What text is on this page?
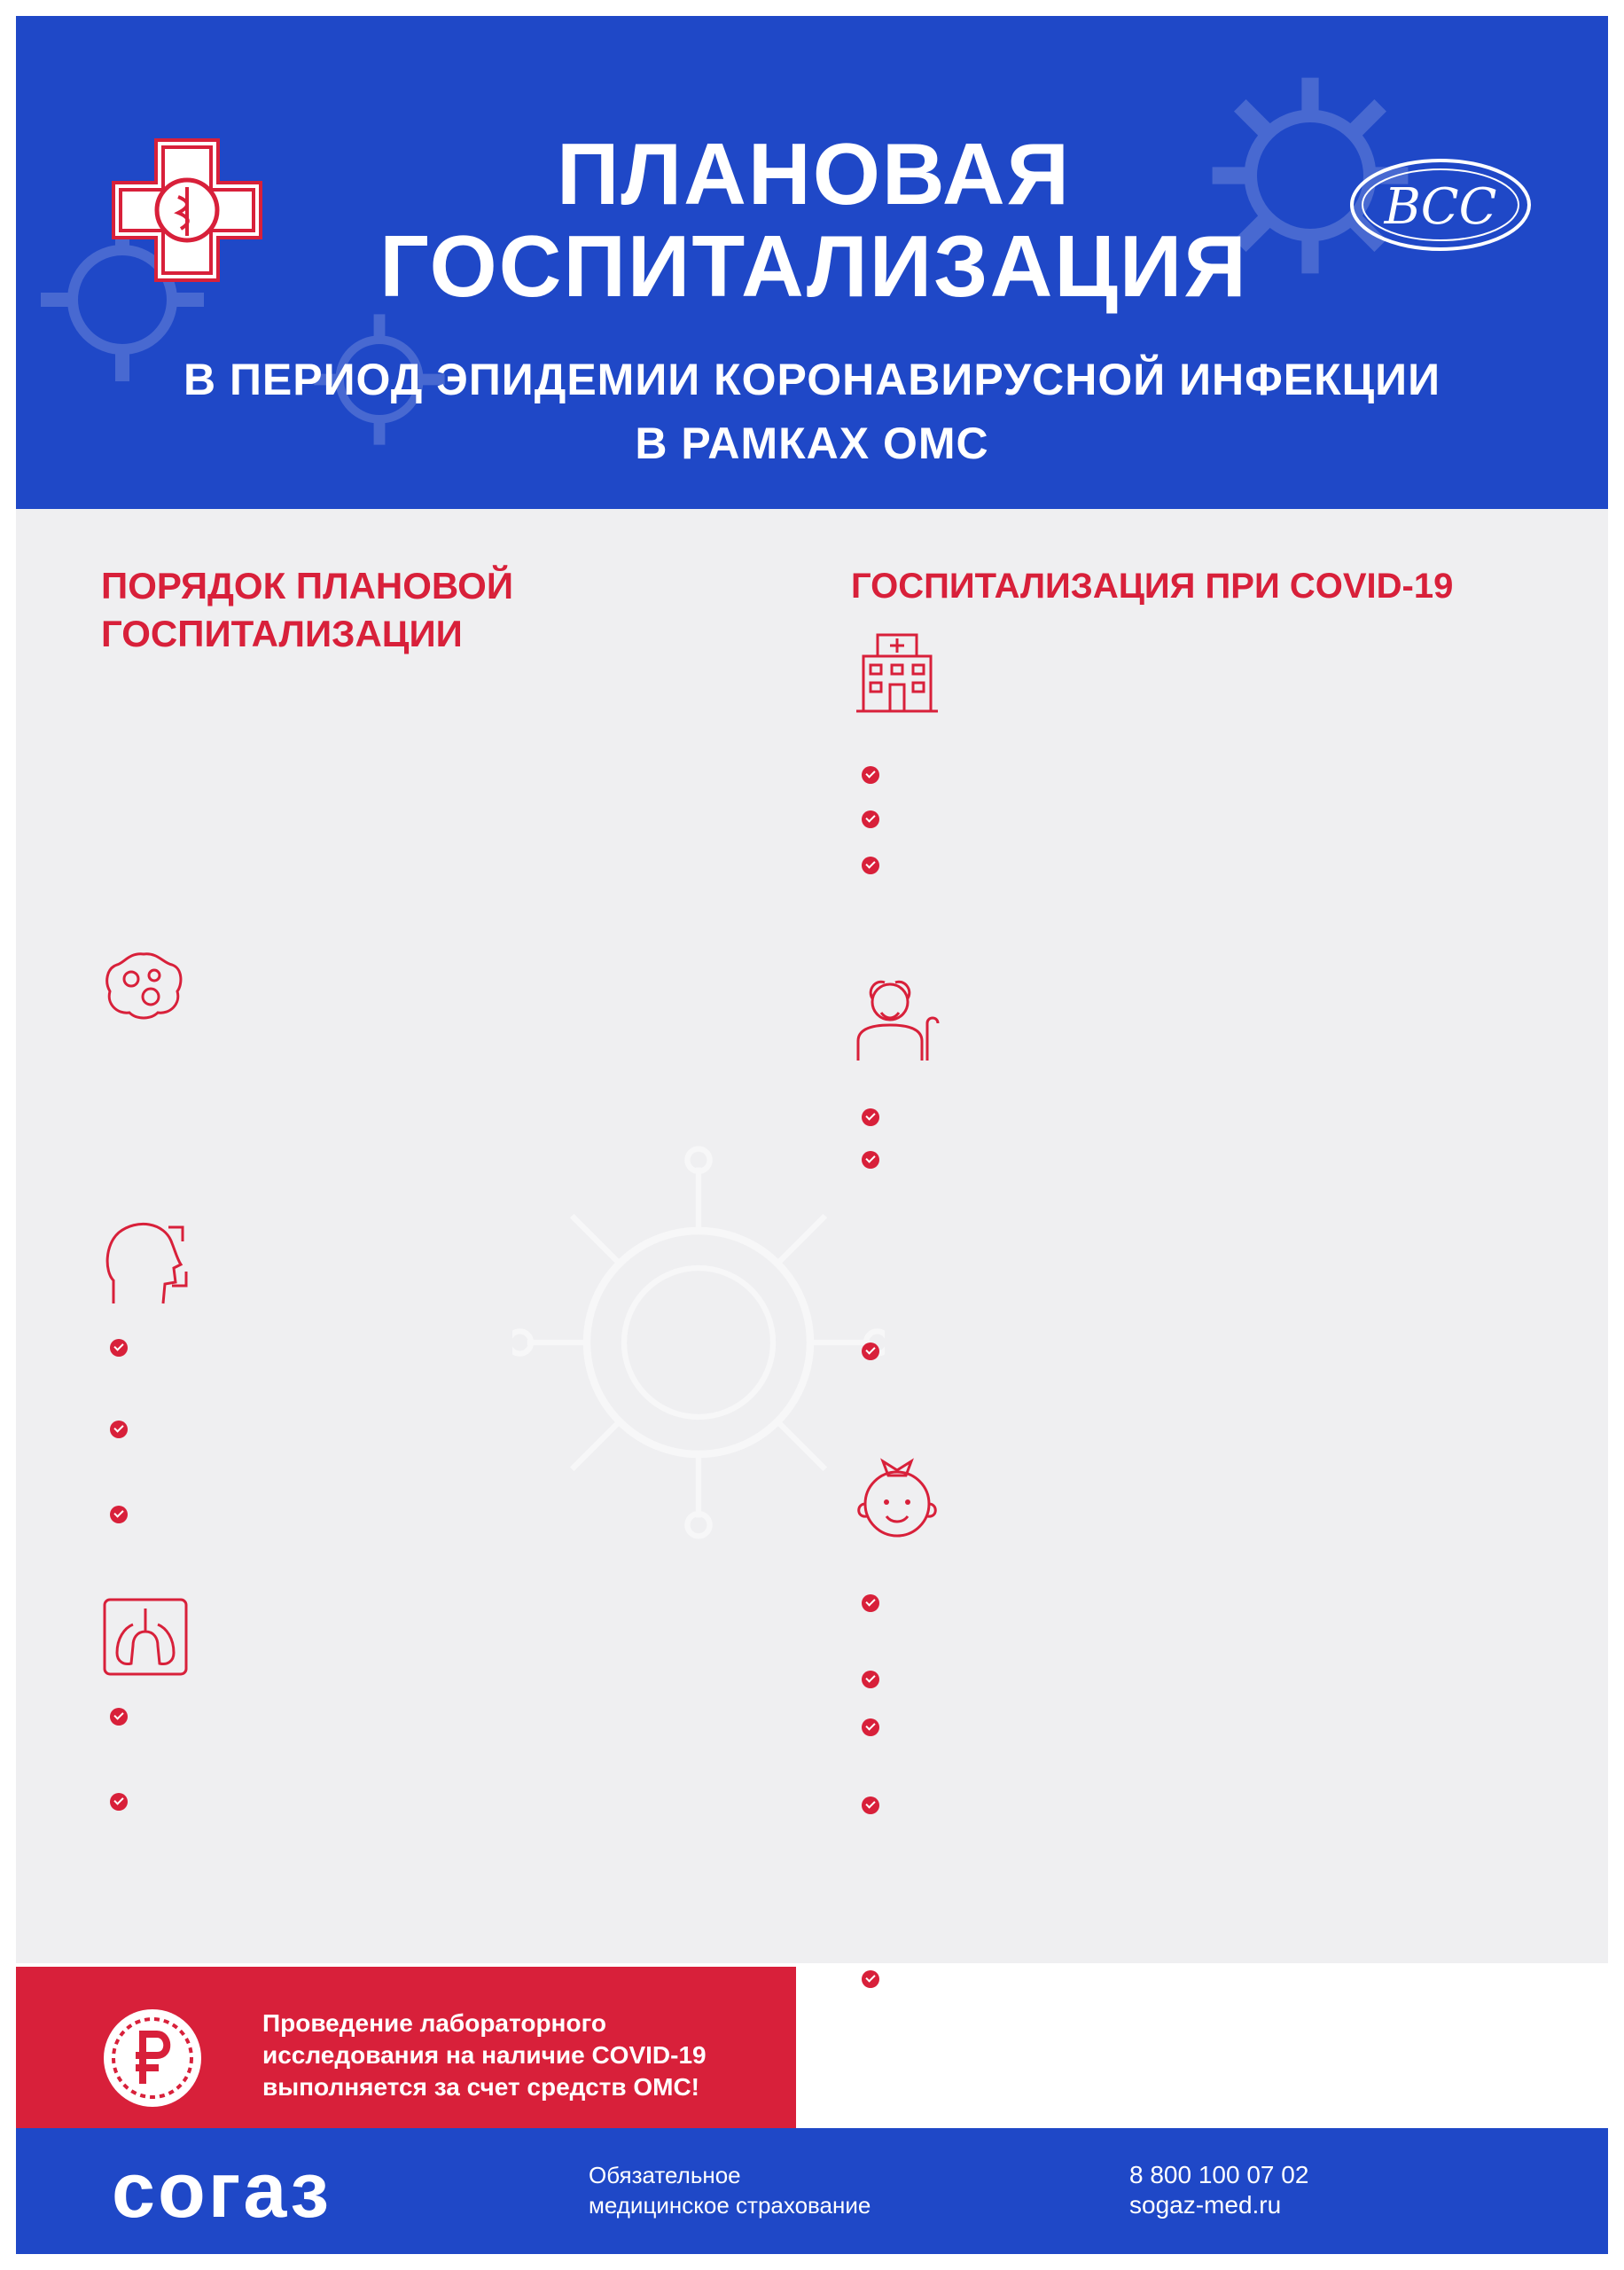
ПЛАНОВАЯ
ГОСПИТАЛИЗАЦИЯ
ВСС
В ПЕРИОД ЭПИДЕМИИ КОРОНАВИРУСНОЙ ИНФЕКЦИИ
В РАМКАХ ОМС
ПОРЯДОК ПЛАНОВОЙ
ГОСПИТАЛИЗАЦИИ
ГОСПИТАЛИЗАЦИЯ ПРИ COVID-19
Проведение лабораторного
исследования на наличие COVID-19
выполняется за счет средств ОМС!
согаз	Обязательное
медицинское страхование
8 800 100 07 02
sogaz-med.ru
